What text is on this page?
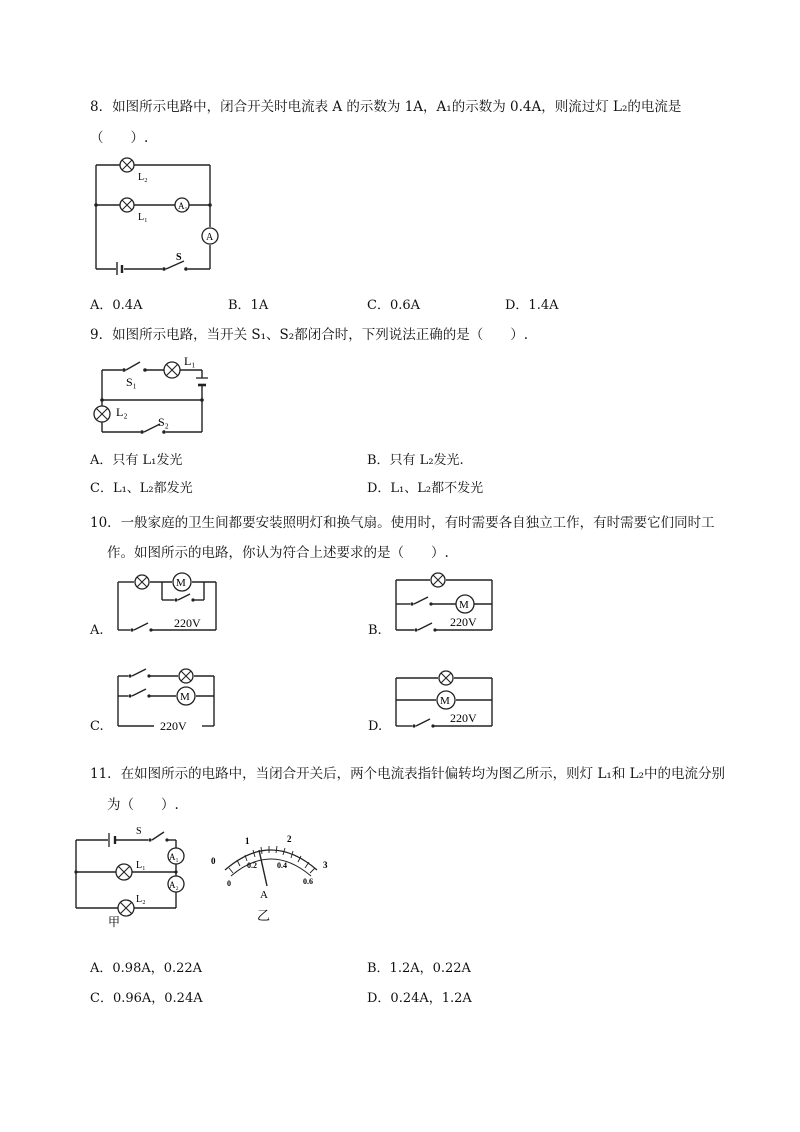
8．如图所示电路中，闭合开关时电流表 A 的示数为 1A，A₁的示数为 0.4A，则流过灯 L₂的电流是
（　　）.
L₂
L₁
A₁
A
S
A．0.4A	B．1A	C．0.6A	D．1.4A
9．如图所示电路，当开关 S₁、S₂都闭合时，下列说法正确的是（　　）.
S₁
L₁
L₂
S₂
A．只有 L₁发光	B．只有 L₂发光.
C．L₁、L₂都发光	D．L₁、L₂都不发光
10．一般家庭的卫生间都要安装照明灯和换气扇。使用时，有时需要各自独立工作，有时需要它们同时工
作。如图所示的电路，你认为符合上述要求的是（　　）.
A.
M
220V	B.
M
220V
C.
M
220V	D.
M
220V
11．在如图所示的电路中，当闭合开关后，两个电流表指针偏转均为图乙所示，则灯 L₁和 L₂中的电流分别
为（　　）.
S
L₁
L₂
A₁
A₂
甲
0
1	2
3
0
0.2	0.4
0.6
A
乙
A．0.98A，0.22A	B．1.2A，0.22A
C．0.96A，0.24A	D．0.24A，1.2A
